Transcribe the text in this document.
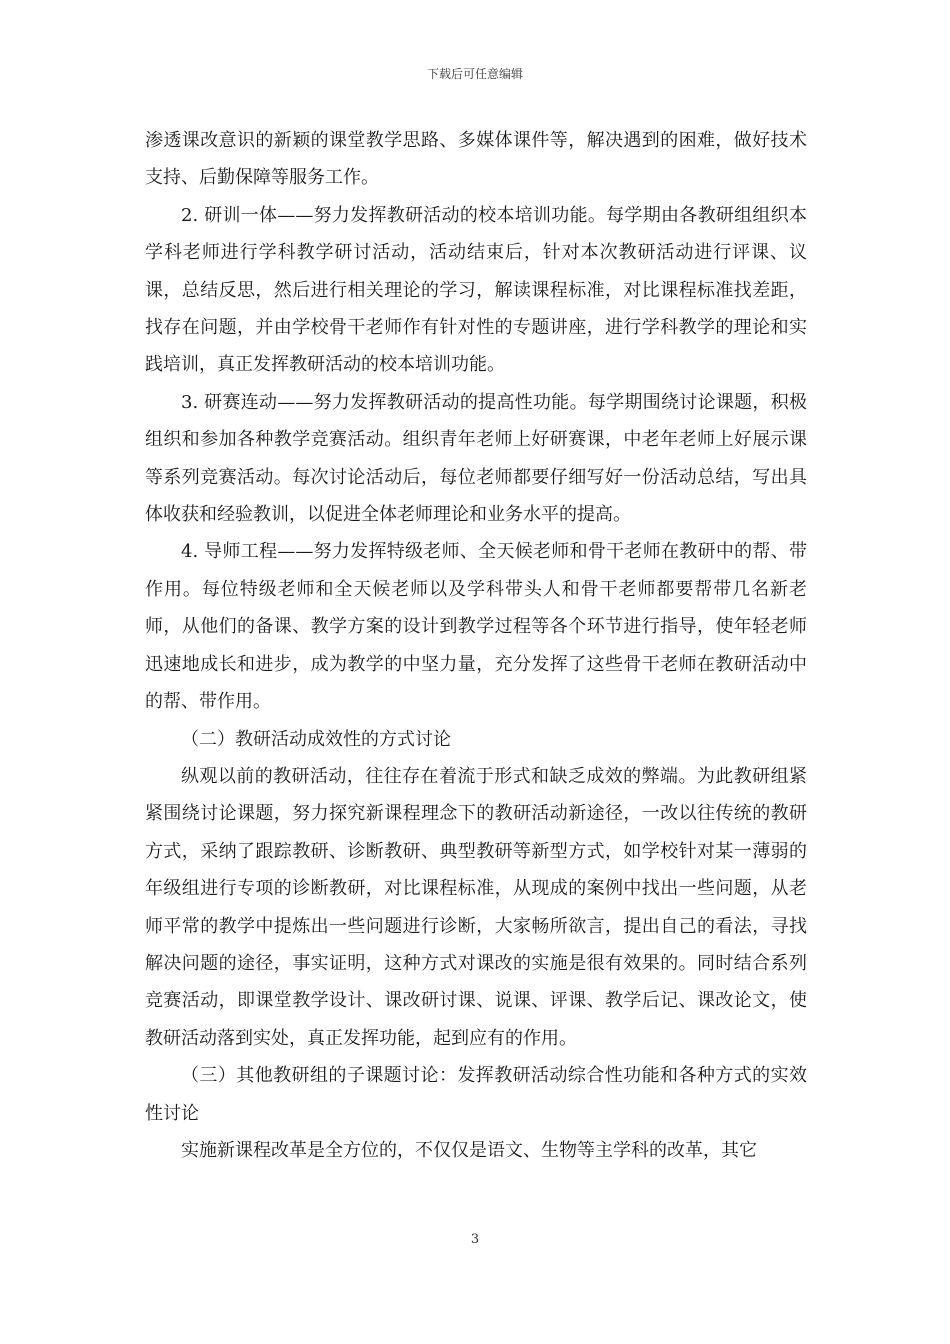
下载后可任意编辑

渗透课改意识的新颖的课堂教学思路、多媒体课件等，解决遇到的困难，做好技术支持、后勤保障等服务工作。

2. 研训一体——努力发挥教研活动的校本培训功能。每学期由各教研组组织本学科老师进行学科教学研讨活动，活动结束后，针对本次教研活动进行评课、议课，总结反思，然后进行相关理论的学习，解读课程标准，对比课程标准找差距，找存在问题，并由学校骨干老师作有针对性的专题讲座，进行学科教学的理论和实践培训，真正发挥教研活动的校本培训功能。

3. 研赛连动——努力发挥教研活动的提高性功能。每学期围绕讨论课题，积极组织和参加各种教学竞赛活动。组织青年老师上好研赛课，中老年老师上好展示课等系列竞赛活动。每次讨论活动后，每位老师都要仔细写好一份活动总结，写出具体收获和经验教训，以促进全体老师理论和业务水平的提高。

4. 导师工程——努力发挥特级老师、全天候老师和骨干老师在教研中的帮、带作用。每位特级老师和全天候老师以及学科带头人和骨干老师都要帮带几名新老师，从他们的备课、教学方案的设计到教学过程等各个环节进行指导，使年轻老师迅速地成长和进步，成为教学的中坚力量，充分发挥了这些骨干老师在教研活动中的帮、带作用。

（二）教研活动成效性的方式讨论

纵观以前的教研活动，往往存在着流于形式和缺乏成效的弊端。为此教研组紧紧围绕讨论课题，努力探究新课程理念下的教研活动新途径，一改以往传统的教研方式，采纳了跟踪教研、诊断教研、典型教研等新型方式，如学校针对某一薄弱的年级组进行专项的诊断教研，对比课程标准，从现成的案例中找出一些问题，从老师平常的教学中提炼出一些问题进行诊断，大家畅所欲言，提出自己的看法，寻找解决问题的途径，事实证明，这种方式对课改的实施是很有效果的。同时结合系列竞赛活动，即课堂教学设计、课改研讨课、说课、评课、教学后记、课改论文，使教研活动落到实处，真正发挥功能，起到应有的作用。

（三）其他教研组的子课题讨论：发挥教研活动综合性功能和各种方式的实效性讨论

实施新课程改革是全方位的，不仅仅是语文、生物等主学科的改革，其它

3
